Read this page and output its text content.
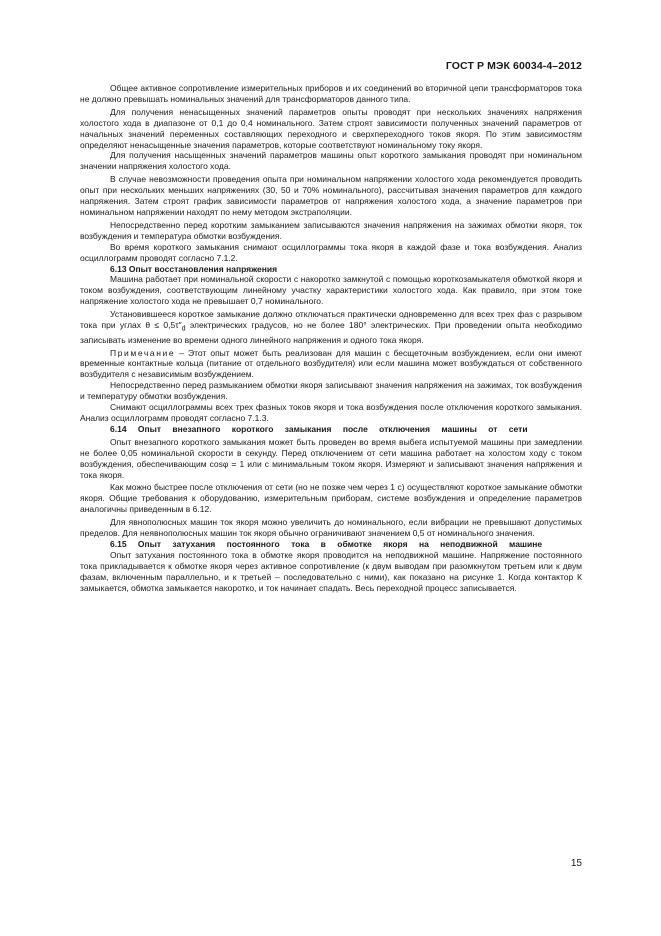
ГОСТ Р МЭК 60034-4–2012

Общее активное сопротивление измерительных приборов и их соединений во вторичной цепи трансформаторов тока не должно превышать номинальных значений для трансформаторов данного типа.

Для получения ненасыщенных значений параметров опыты проводят при нескольких значениях напряжения холостого хода в диапазоне от 0,1 до 0,4 номинального. Затем строят зависимости полученных значений параметров от начальных значений переменных составляющих переходного и сверхпереходного токов якоря. По этим зависимостям определяют ненасыщенные значения параметров, которые соответствуют номинальному току якоря.

Для получения насыщенных значений параметров машины опыт короткого замыкания проводят при номинальном значении напряжения холостого хода.

В случае невозможности проведения опыта при номинальном напряжении холостого хода рекомендуется проводить опыт при нескольких меньших напряжениях (30, 50 и 70% номинального), рассчитывая значения параметров для каждого напряжения. Затем строят график зависимости параметров от напряжения холостого хода, а значение параметров при номинальном напряжении находят по нему методом экстраполяции.

Непосредственно перед коротким замыканием записываются значения напряжения на зажимах обмотки якоря, ток возбуждения и температура обмотки возбуждения.

Во время короткого замыкания снимают осциллограммы тока якоря в каждой фазе и тока возбуждения. Анализ осциллограмм проводят согласно 7.1.2.

6.13 Опыт восстановления напряжения

Машина работает при номинальной скорости с накоротко замкнутой с помощью короткозамыкателя обмоткой якоря и током возбуждения, соответствующим линейному участку характеристики холостого хода. Как правило, при этом токе напряжение холостого хода не превышает 0,7 номинального.

Установившееся короткое замыкание должно отключаться практически одновременно для всех трех фаз с разрывом тока при углах $\theta \le 0,5\tau''_d$ электрических градусов, но не более 180° электрических. При проведении опыта необходимо записывать изменение во времени одного линейного напряжения и одного тока якоря.

Примечание – Этот опыт может быть реализован для машин с бесщеточным возбуждением, если они имеют временные контактные кольца (питание от отдельного возбудителя) или если машина может возбуждаться от собственного возбудителя с независимым возбуждением.

Непосредственно перед размыканием обмотки якоря записывают значения напряжения на зажимах, ток возбуждения и температуру обмотки возбуждения.

Снимают осциллограммы всех трех фазных токов якоря и тока возбуждения после отключения короткого замыкания. Анализ осциллограмм проводят согласно 7.1.3.

6.14 Опыт внезапного короткого замыкания после отключения машины от сети

Опыт внезапного короткого замыкания может быть проведен во время выбега испытуемой машины при замедлении не более 0,05 номинальной скорости в секунду. Перед отключением от сети машина работает на холостом ходу с током возбуждения, обеспечивающим cosφ = 1 или с минимальным током якоря. Измеряют и записывают значения напряжения и тока якоря.

Как можно быстрее после отключения от сети (но не позже чем через 1 с) осуществляют короткое замыкание обмотки якоря. Общие требования к оборудованию, измерительным приборам, системе возбуждения и определение параметров аналогичны приведенным в 6.12.

Для явнополюсных машин ток якоря можно увеличить до номинального, если вибрации не превышают допустимых пределов. Для неявнополюсных машин ток якоря обычно ограничивают значением 0,5 от номинального значения.

6.15 Опыт затухания постоянного тока в обмотке якоря на неподвижной машине

Опыт затухания постоянного тока в обмотке якоря проводится на неподвижной машине. Напряжение постоянного тока прикладывается к обмотке якоря через активное сопротивление (к двум выводам при разомкнутом третьем или к двум фазам, включенным параллельно, и к третьей – последовательно с ними), как показано на рисунке 1. Когда контактор К замыкается, обмотка замыкается накоротко, и ток начинает спадать. Весь переходной процесс записывается.

15
